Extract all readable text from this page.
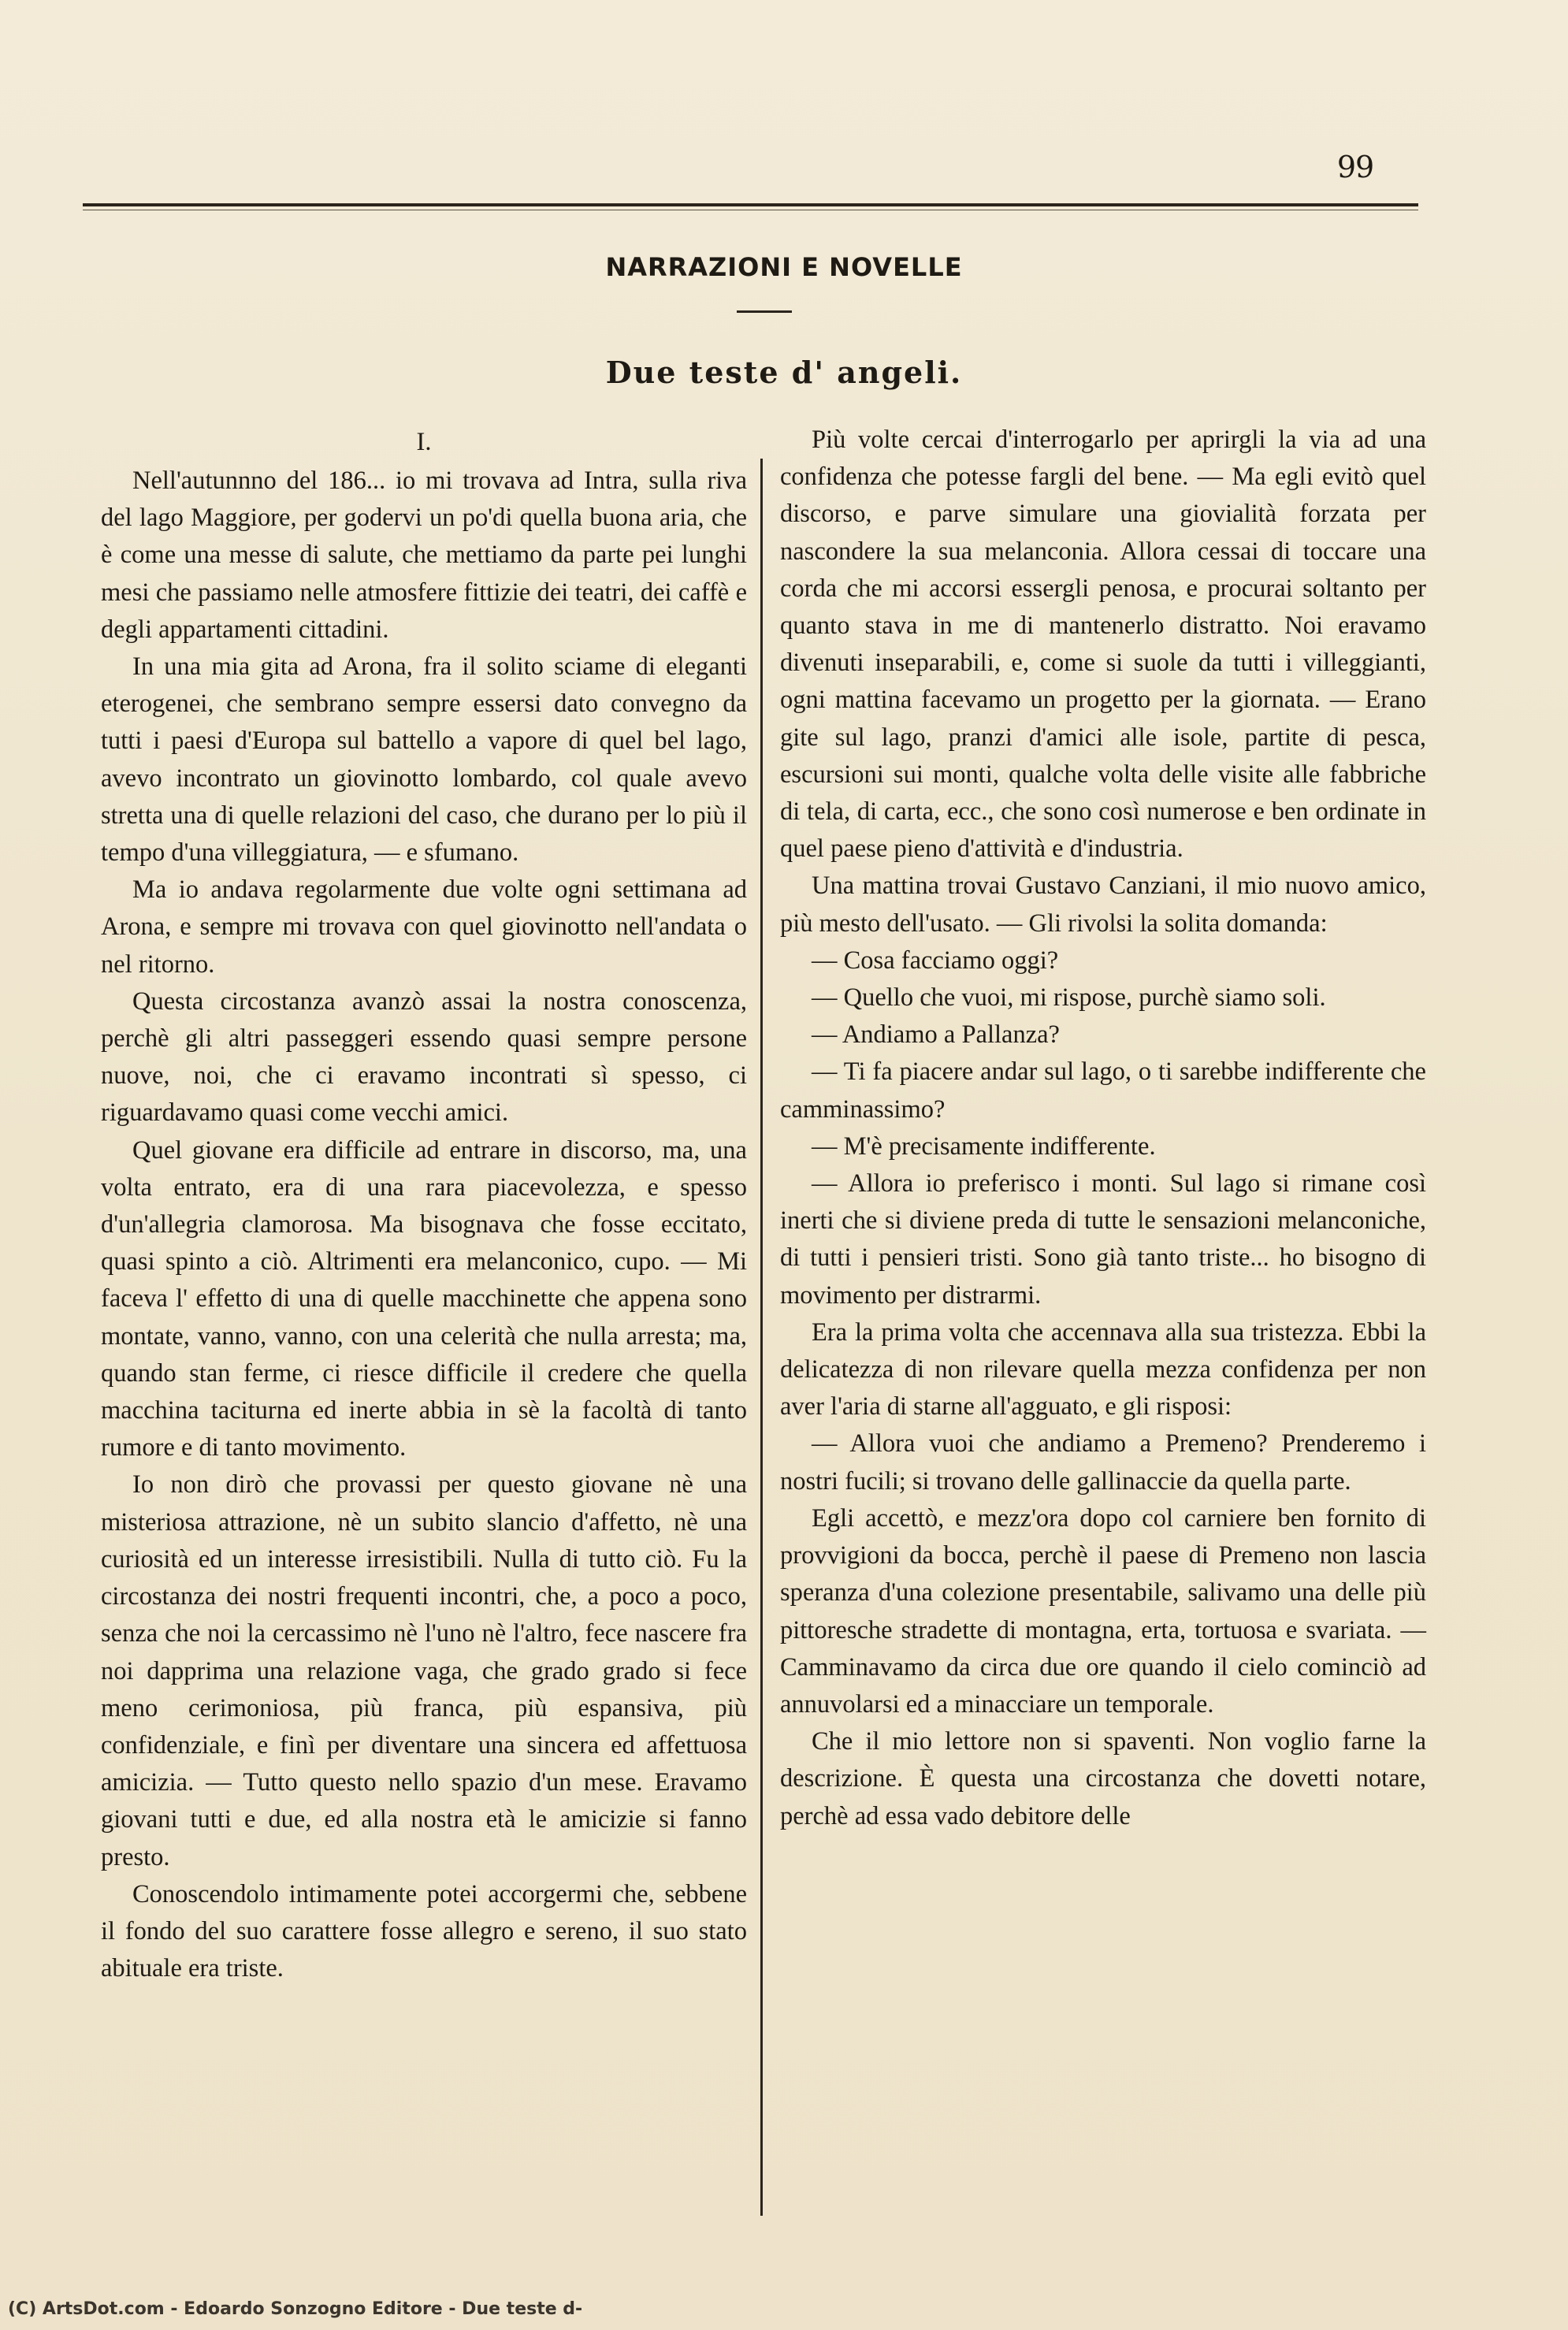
99
NARRAZIONI E NOVELLE
Due teste d' angeli.
I.

Nell'autunnno del 186... io mi trovava ad Intra, sulla riva del lago Maggiore, per godervi un po'di quella buona aria, che è come una messe di salute, che mettiamo da parte pei lunghi mesi che passiamo nelle atmosfere fittizie dei teatri, dei caffè e degli appartamenti cittadini.

In una mia gita ad Arona, fra il solito sciame di eleganti eterogenei, che sembrano sempre essersi dato convegno da tutti i paesi d'Europa sul battello a vapore di quel bel lago, avevo incontrato un giovinotto lombardo, col quale avevo stretta una di quelle relazioni del caso, che durano per lo più il tempo d'una villeggiatura, — e sfumano.

Ma io andava regolarmente due volte ogni settimana ad Arona, e sempre mi trovava con quel giovinotto nell'andata o nel ritorno.

Questa circostanza avanzò assai la nostra conoscenza, perchè gli altri passeggeri essendo quasi sempre persone nuove, noi, che ci eravamo incontrati sì spesso, ci riguardavamo quasi come vecchi amici.

Quel giovane era difficile ad entrare in discorso, ma, una volta entrato, era di una rara piacevolezza, e spesso d'un'allegria clamorosa. Ma bisognava che fosse eccitato, quasi spinto a ciò. Altrimenti era melanconico, cupo. — Mi faceva l' effetto di una di quelle macchinette che appena sono montate, vanno, vanno, con una celerità che nulla arresta; ma, quando stan ferme, ci riesce difficile il credere che quella macchina taciturna ed inerte abbia in sè la facoltà di tanto rumore e di tanto movimento.

Io non dirò che provassi per questo giovane nè una misteriosa attrazione, nè un subito slancio d'affetto, nè una curiosità ed un interesse irresistibili. Nulla di tutto ciò. Fu la circostanza dei nostri frequenti incontri, che, a poco a poco, senza che noi la cercassimo nè l'uno nè l'altro, fece nascere fra noi dapprima una relazione vaga, che grado grado si fece meno cerimoniosa, più franca, più espansiva, più confidenziale, e finì per diventare una sincera ed affettuosa amicizia. — Tutto questo nello spazio d'un mese. Eravamo giovani tutti e due, ed alla nostra età le amicizie si fanno presto.

Conoscendolo intimamente potei accorgermi che, sebbene il fondo del suo carattere fosse allegro e sereno, il suo stato abituale era triste.

Più volte cercai d'interrogarlo per aprirgli la via ad una confidenza che potesse fargli del bene. — Ma egli evitò quel discorso, e parve simulare una giovialità forzata per nascondere la sua melanconia. Allora cessai di toccare una corda che mi accorsi essergli penosa, e procurai soltanto per quanto stava in me di mantenerlo distratto. Noi eravamo divenuti inseparabili, e, come si suole da tutti i villeggianti, ogni mattina facevamo un progetto per la giornata. — Erano gite sul lago, pranzi d'amici alle isole, partite di pesca, escursioni sui monti, qualche volta delle visite alle fabbriche di tela, di carta, ecc., che sono così numerose e ben ordinate in quel paese pieno d'attività e d'industria.

Una mattina trovai Gustavo Canziani, il mio nuovo amico, più mesto dell'usato. — Gli rivolsi la solita domanda:

— Cosa facciamo oggi?

— Quello che vuoi, mi rispose, purchè siamo soli.

— Andiamo a Pallanza?

— Ti fa piacere andar sul lago, o ti sarebbe indifferente che camminassimo?

— M'è precisamente indifferente.

— Allora io preferisco i monti. Sul lago si rimane così inerti che si diviene preda di tutte le sensazioni melanconiche, di tutti i pensieri tristi. Sono già tanto triste... ho bisogno di movimento per distrarmi.

Era la prima volta che accennava alla sua tristezza. Ebbi la delicatezza di non rilevare quella mezza confidenza per non aver l'aria di starne all'agguato, e gli risposi:

— Allora vuoi che andiamo a Premeno? Prenderemo i nostri fucili; si trovano delle gallinaccie da quella parte.

Egli accettò, e mezz'ora dopo col carniere ben fornito di provvigioni da bocca, perchè il paese di Premeno non lascia speranza d'una colezione presentabile, salivamo una delle più pittoresche stradette di montagna, erta, tortuosa e svariata. — Camminavamo da circa due ore quando il cielo cominciò ad annuvolarsi ed a minacciare un temporale.

Che il mio lettore non si spaventi. Non voglio farne la descrizione. È questa una circostanza che dovetti notare, perchè ad essa vado debitore delle

(C) ArtsDot.com - Edoardo Sonzogno Editore - Due teste d-
